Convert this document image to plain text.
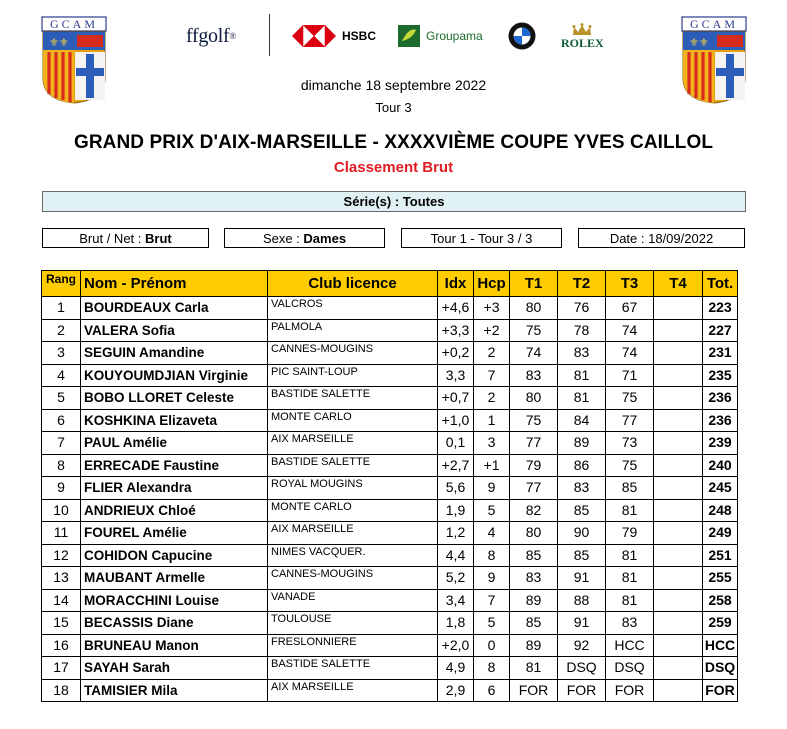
GCAM
⚜⚜
GCAM
⚜⚜
ffgolf ®	HSBC	Groupama	ROLEX
dimanche 18 septembre 2022
Tour 3
GRAND PRIX D'AIX-MARSEILLE - XXXXVIÈME COUPE YVES CAILLOL
Classement Brut
Série(s) : Toutes
Brut / Net : Brut	Sexe : Dames	Tour 1 - Tour 3 / 3	Date : 18/09/2022
Rang	Nom - Prénom	Club licence	Idx	Hcp	T1	T2	T3	T4	Tot.
1	BOURDEAUX Carla	VALCROS	+4,6	+3	80	76	67		223
2	VALERA Sofia	PALMOLA	+3,3	+2	75	78	74		227
3	SEGUIN Amandine	CANNES-MOUGINS	+0,2	2	74	83	74		231
4	KOUYOUMDJIAN Virginie	PIC SAINT-LOUP	3,3	7	83	81	71		235
5	BOBO LLORET Celeste	BASTIDE SALETTE	+0,7	2	80	81	75		236
6	KOSHKINA Elizaveta	MONTE CARLO	+1,0	1	75	84	77		236
7	PAUL Amélie	AIX MARSEILLE	0,1	3	77	89	73		239
8	ERRECADE Faustine	BASTIDE SALETTE	+2,7	+1	79	86	75		240
9	FLIER Alexandra	ROYAL MOUGINS	5,6	9	77	83	85		245
10	ANDRIEUX Chloé	MONTE CARLO	1,9	5	82	85	81		248
11	FOUREL Amélie	AIX MARSEILLE	1,2	4	80	90	79		249
12	COHIDON Capucine	NIMES VACQUER.	4,4	8	85	85	81		251
13	MAUBANT Armelle	CANNES-MOUGINS	5,2	9	83	91	81		255
14	MORACCHINI Louise	VANADE	3,4	7	89	88	81		258
15	BECASSIS Diane	TOULOUSE	1,8	5	85	91	83		259
16	BRUNEAU Manon	FRESLONNIERE	+2,0	0	89	92	HCC		HCC
17	SAYAH Sarah	BASTIDE SALETTE	4,9	8	81	DSQ	DSQ		DSQ
18	TAMISIER Mila	AIX MARSEILLE	2,9	6	FOR	FOR	FOR		FOR
